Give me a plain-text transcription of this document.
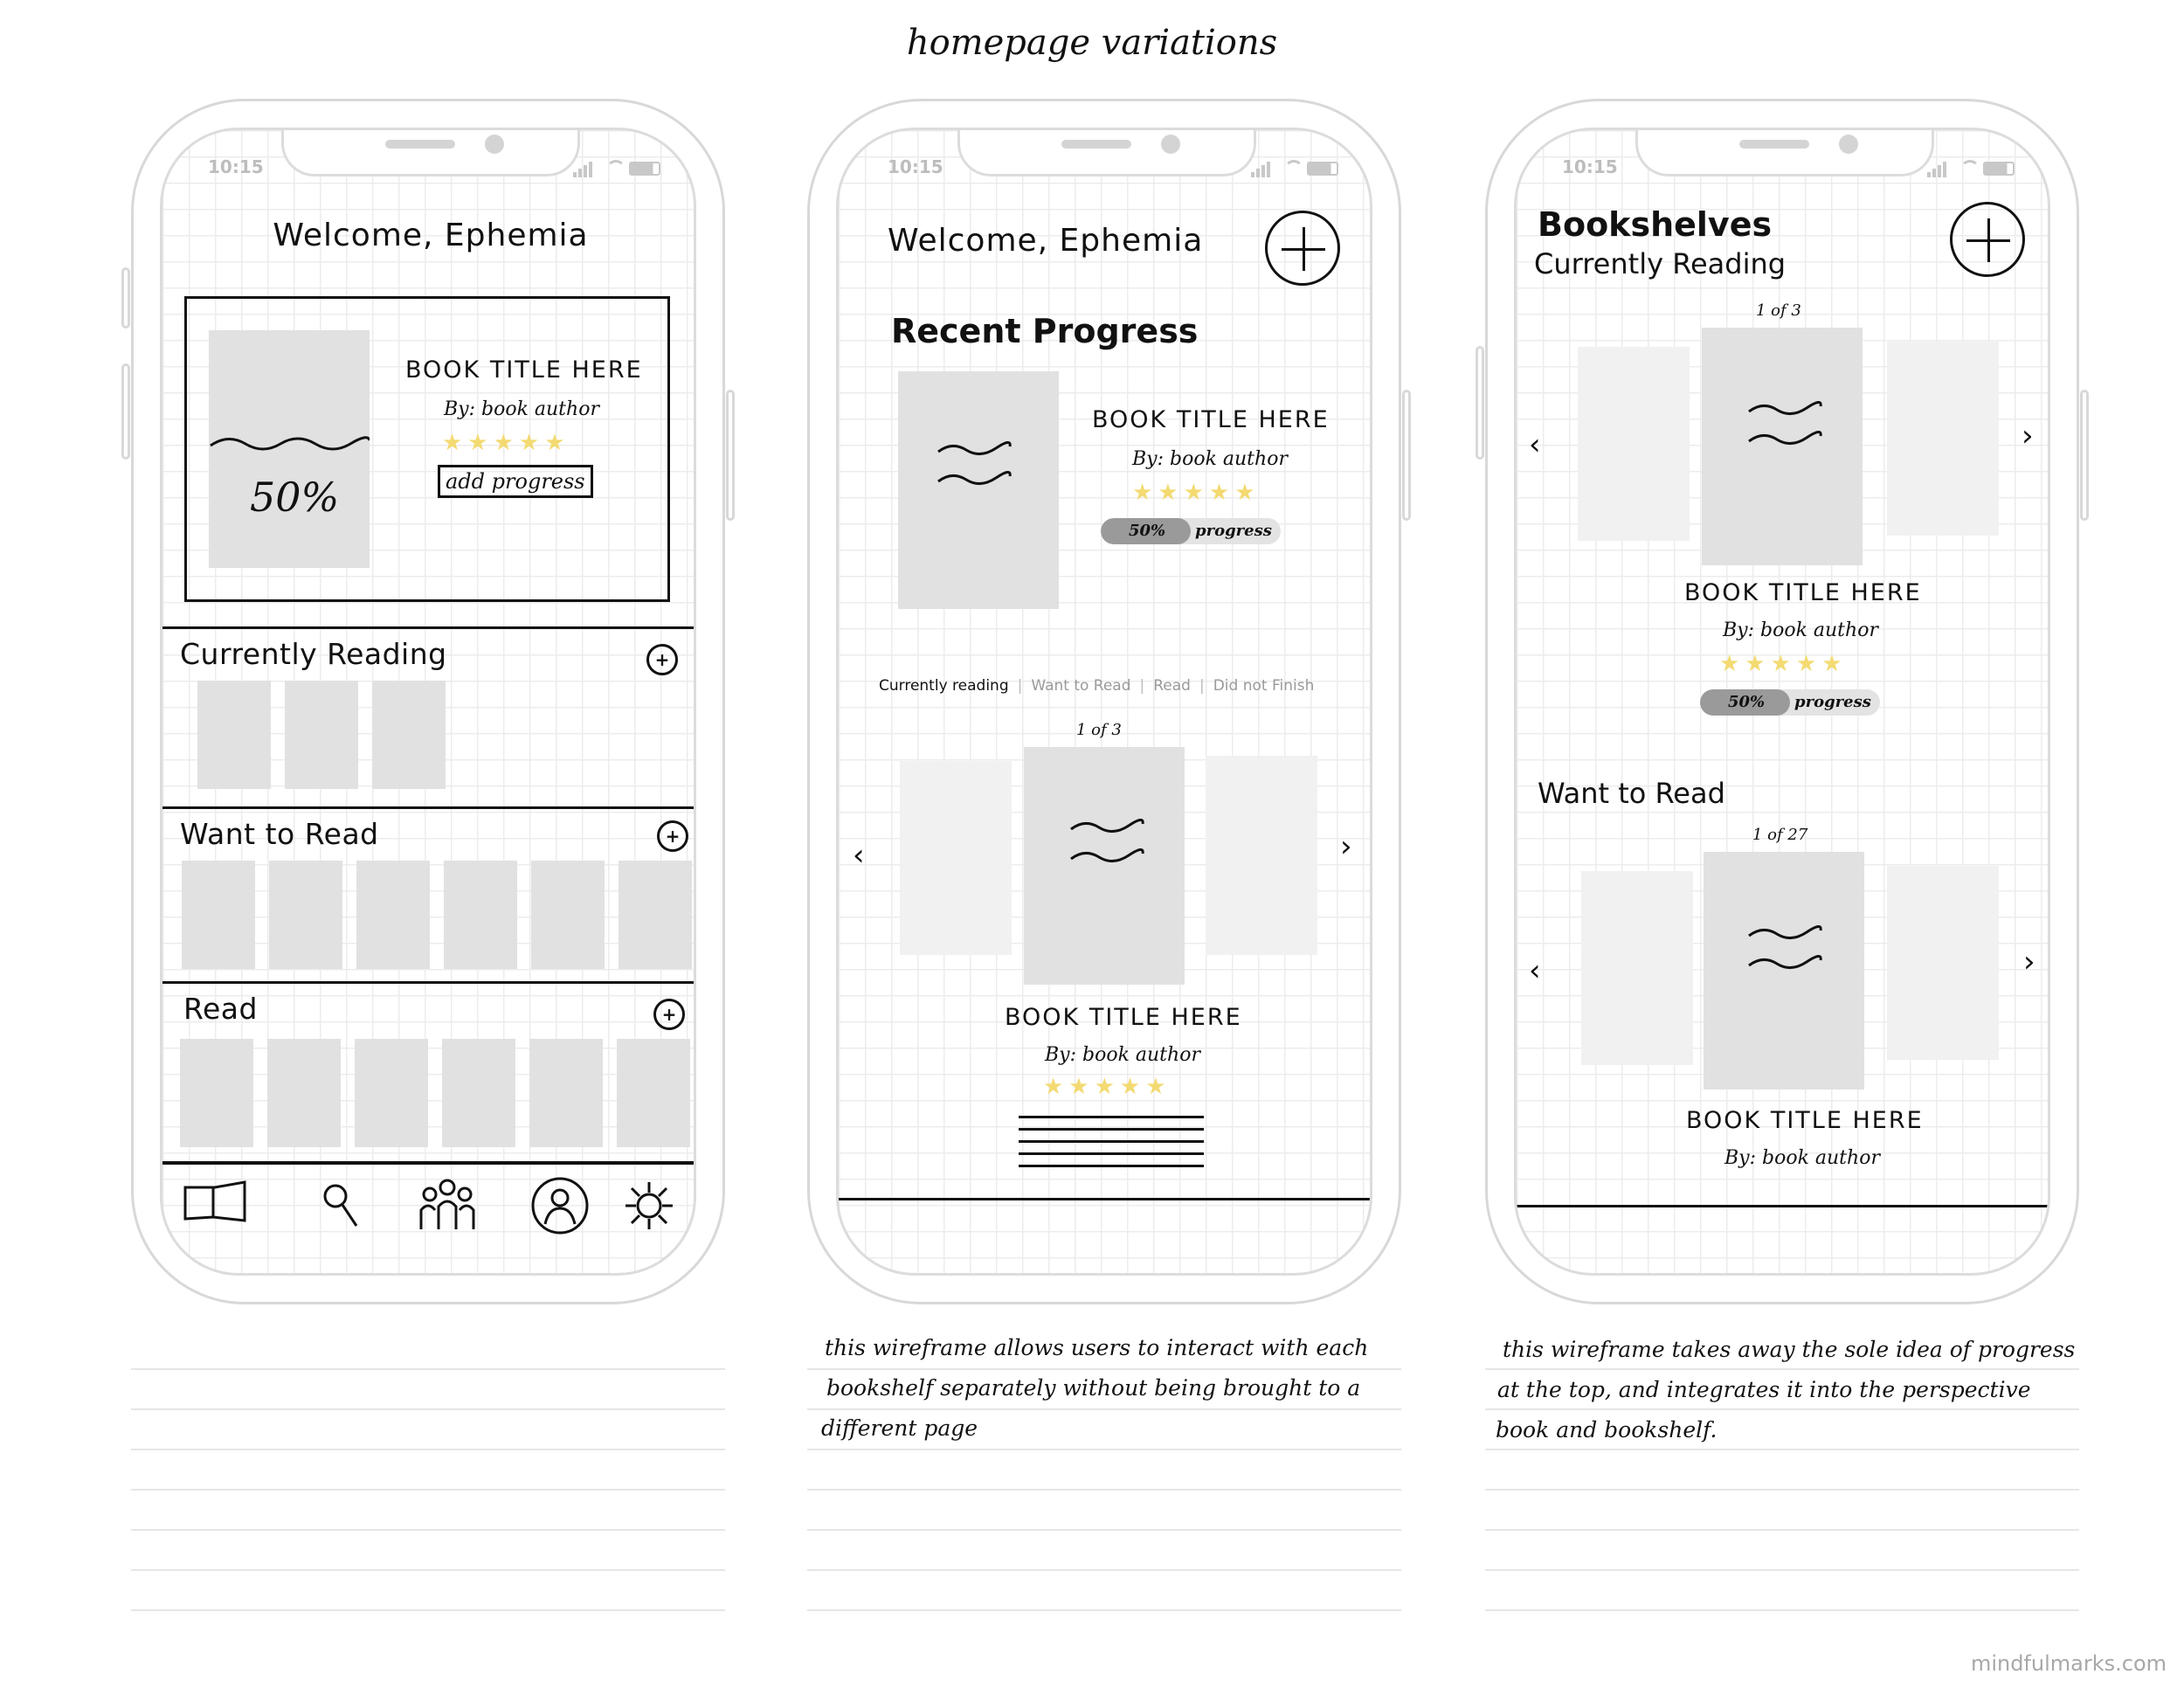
homepage variations
10:15
Welcome, Ephemia
50%
BOOK TITLE HERE
By: book author
★★★★★
add progress
Currently Reading	+
Want to Read	+
Read	+
10:15
Welcome, Ephemia
Recent Progress
BOOK TITLE HERE
By: book author
★★★★★
50% progress
Currently reading | Want to Read | Read | Did not Finish
1 of 3
‹	›
BOOK TITLE HERE
By: book author
★★★★★
10:15
Bookshelves
Currently Reading
1 of 3
‹	›
BOOK TITLE HERE
By: book author
★★★★★
50% progress
Want to Read
1 of 27
‹	›
BOOK TITLE HERE
By: book author
this wireframe allows users to interact with each
bookshelf separately without being brought to a
different page
this wireframe takes away the sole idea of progress
at the top, and integrates it into the perspective
book and bookshelf.
mindfulmarks.com
